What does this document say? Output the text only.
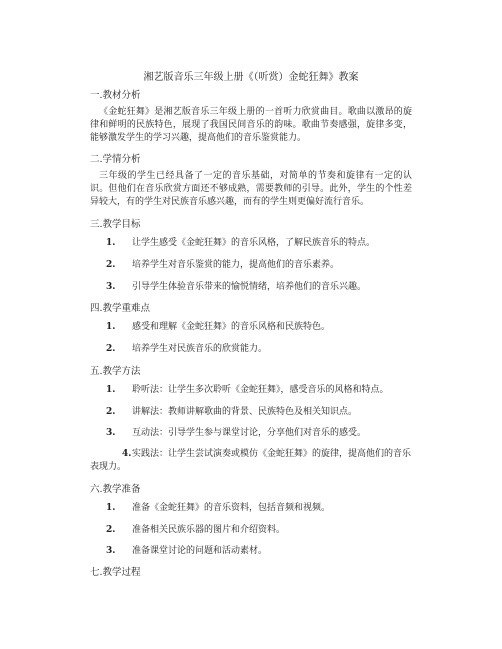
湘艺版音乐三年级上册《（听赏）金蛇狂舞》教案
一.教材分析
《金蛇狂舞》是湘艺版音乐三年级上册的一首听力欣赏曲目。歌曲以激昂的旋律和鲜明的民族特色，展现了我国民间音乐的韵味。歌曲节奏感强，旋律多变，能够激发学生的学习兴趣，提高他们的音乐鉴赏能力。
二.学情分析
三年级的学生已经具备了一定的音乐基础，对简单的节奏和旋律有一定的认识。但他们在音乐欣赏方面还不够成熟，需要教师的引导。此外，学生的个性差异较大，有的学生对民族音乐感兴趣，而有的学生则更偏好流行音乐。
三.教学目标
1. 让学生感受《金蛇狂舞》的音乐风格，了解民族音乐的特点。
2. 培养学生对音乐鉴赏的能力，提高他们的音乐素养。
3. 引导学生体验音乐带来的愉悦情绪，培养他们的音乐兴趣。
四.教学重难点
1. 感受和理解《金蛇狂舞》的音乐风格和民族特色。
2. 培养学生对民族音乐的欣赏能力。
五.教学方法
1. 聆听法：让学生多次聆听《金蛇狂舞》，感受音乐的风格和特点。
2. 讲解法：教师讲解歌曲的背景、民族特色及相关知识点。
3. 互动法：引导学生参与课堂讨论，分享他们对音乐的感受。
4.实践法：让学生尝试演奏或模仿《金蛇狂舞》的旋律，提高他们的音乐表现力。
六.教学准备
1. 准备《金蛇狂舞》的音乐资料，包括音频和视频。
2. 准备相关民族乐器的图片和介绍资料。
3. 准备课堂讨论的问题和活动素材。
七.教学过程
